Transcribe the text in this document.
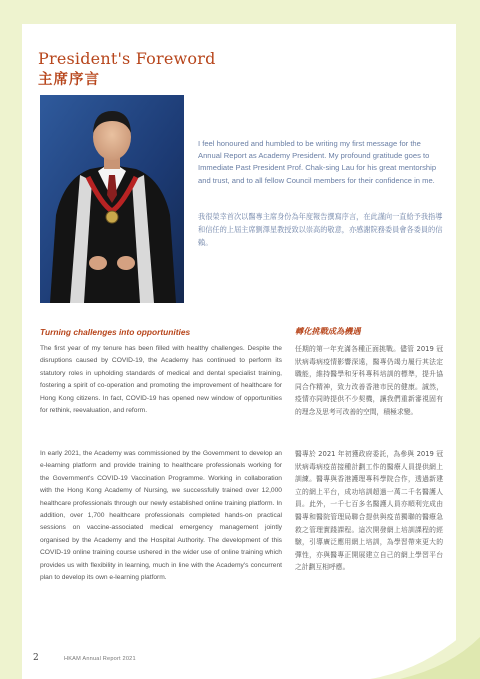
President's Foreword
主席序言

I feel honoured and humbled to be writing my first message for the Annual Report as Academy President. My profound gratitude goes to Immediate Past President Prof. Chak-sing Lau for his great mentorship and trust, and to all fellow Council members for their confidence in me.

我很榮幸首次以醫專主席身份為年度報告撰寫序言，在此謹向一直給予我指導和信任的上屆主席劉澤星教授致以崇高的敬意，亦感謝院務委員會各委員的信賴。

Turning challenges into opportunities	轉化挑戰成為機遇

The first year of my tenure has been filled with healthy challenges. Despite the disruptions caused by COVID-19, the Academy has continued to perform its statutory roles in upholding standards of medical and dental specialist training, fostering a spirit of co-operation and promoting the improvement of healthcare for Hong Kong citizens. In fact, COVID-19 has opened new window of opportunities for rethink, reevaluation, and reform.

In early 2021, the Academy was commissioned by the Government to develop an e-learning platform and provide training to healthcare professionals working for the Government's COVID-19 Vaccination Programme. Working in collaboration with the Hong Kong Academy of Nursing, we successfully trained over 12,000 healthcare professionals through our newly established online training platform. In addition, over 1,700 healthcare professionals completed hands-on practical sessions on vaccine-associated medical emergency management jointly organised by the Academy and the Hospital Authority. The development of this COVID-19 online training course ushered in the wider use of online training which provides us with flexibility in learning, much in line with the Academy's concurrent plan to develop its own e-learning platform.

任期的第一年充滿各種正面挑戰。儘管 2019 冠狀病毒病疫情影響深遠，醫專仍竭力履行其法定職能，維持醫學和牙科專科培訓的標準，提升協同合作精神，致力改善香港市民的健康。誠然，疫情亦同時提供不少契機，讓我們重新審視固有的理念及思考可改善的空間，積極求變。

醫專於 2021 年初獲政府委託，為參與 2019 冠狀病毒病疫苗接種計劃工作的醫療人員提供網上訓練。醫專與香港護理專科學院合作，透過新建立的網上平台，成功培訓超過一萬二千名醫護人員。此外，一千七百多名醫護人員亦順利完成由醫專和醫院管理局聯合提供與疫苗獨聯的醫療急救之管理實踐課程。這次開發網上培訓課程的經驗，引導廣泛應用網上培訓，為學習帶來更大的彈性，亦與醫專正開展建立自己的網上學習平台之計劃互相呼應。

2	HKAM Annual Report 2021
